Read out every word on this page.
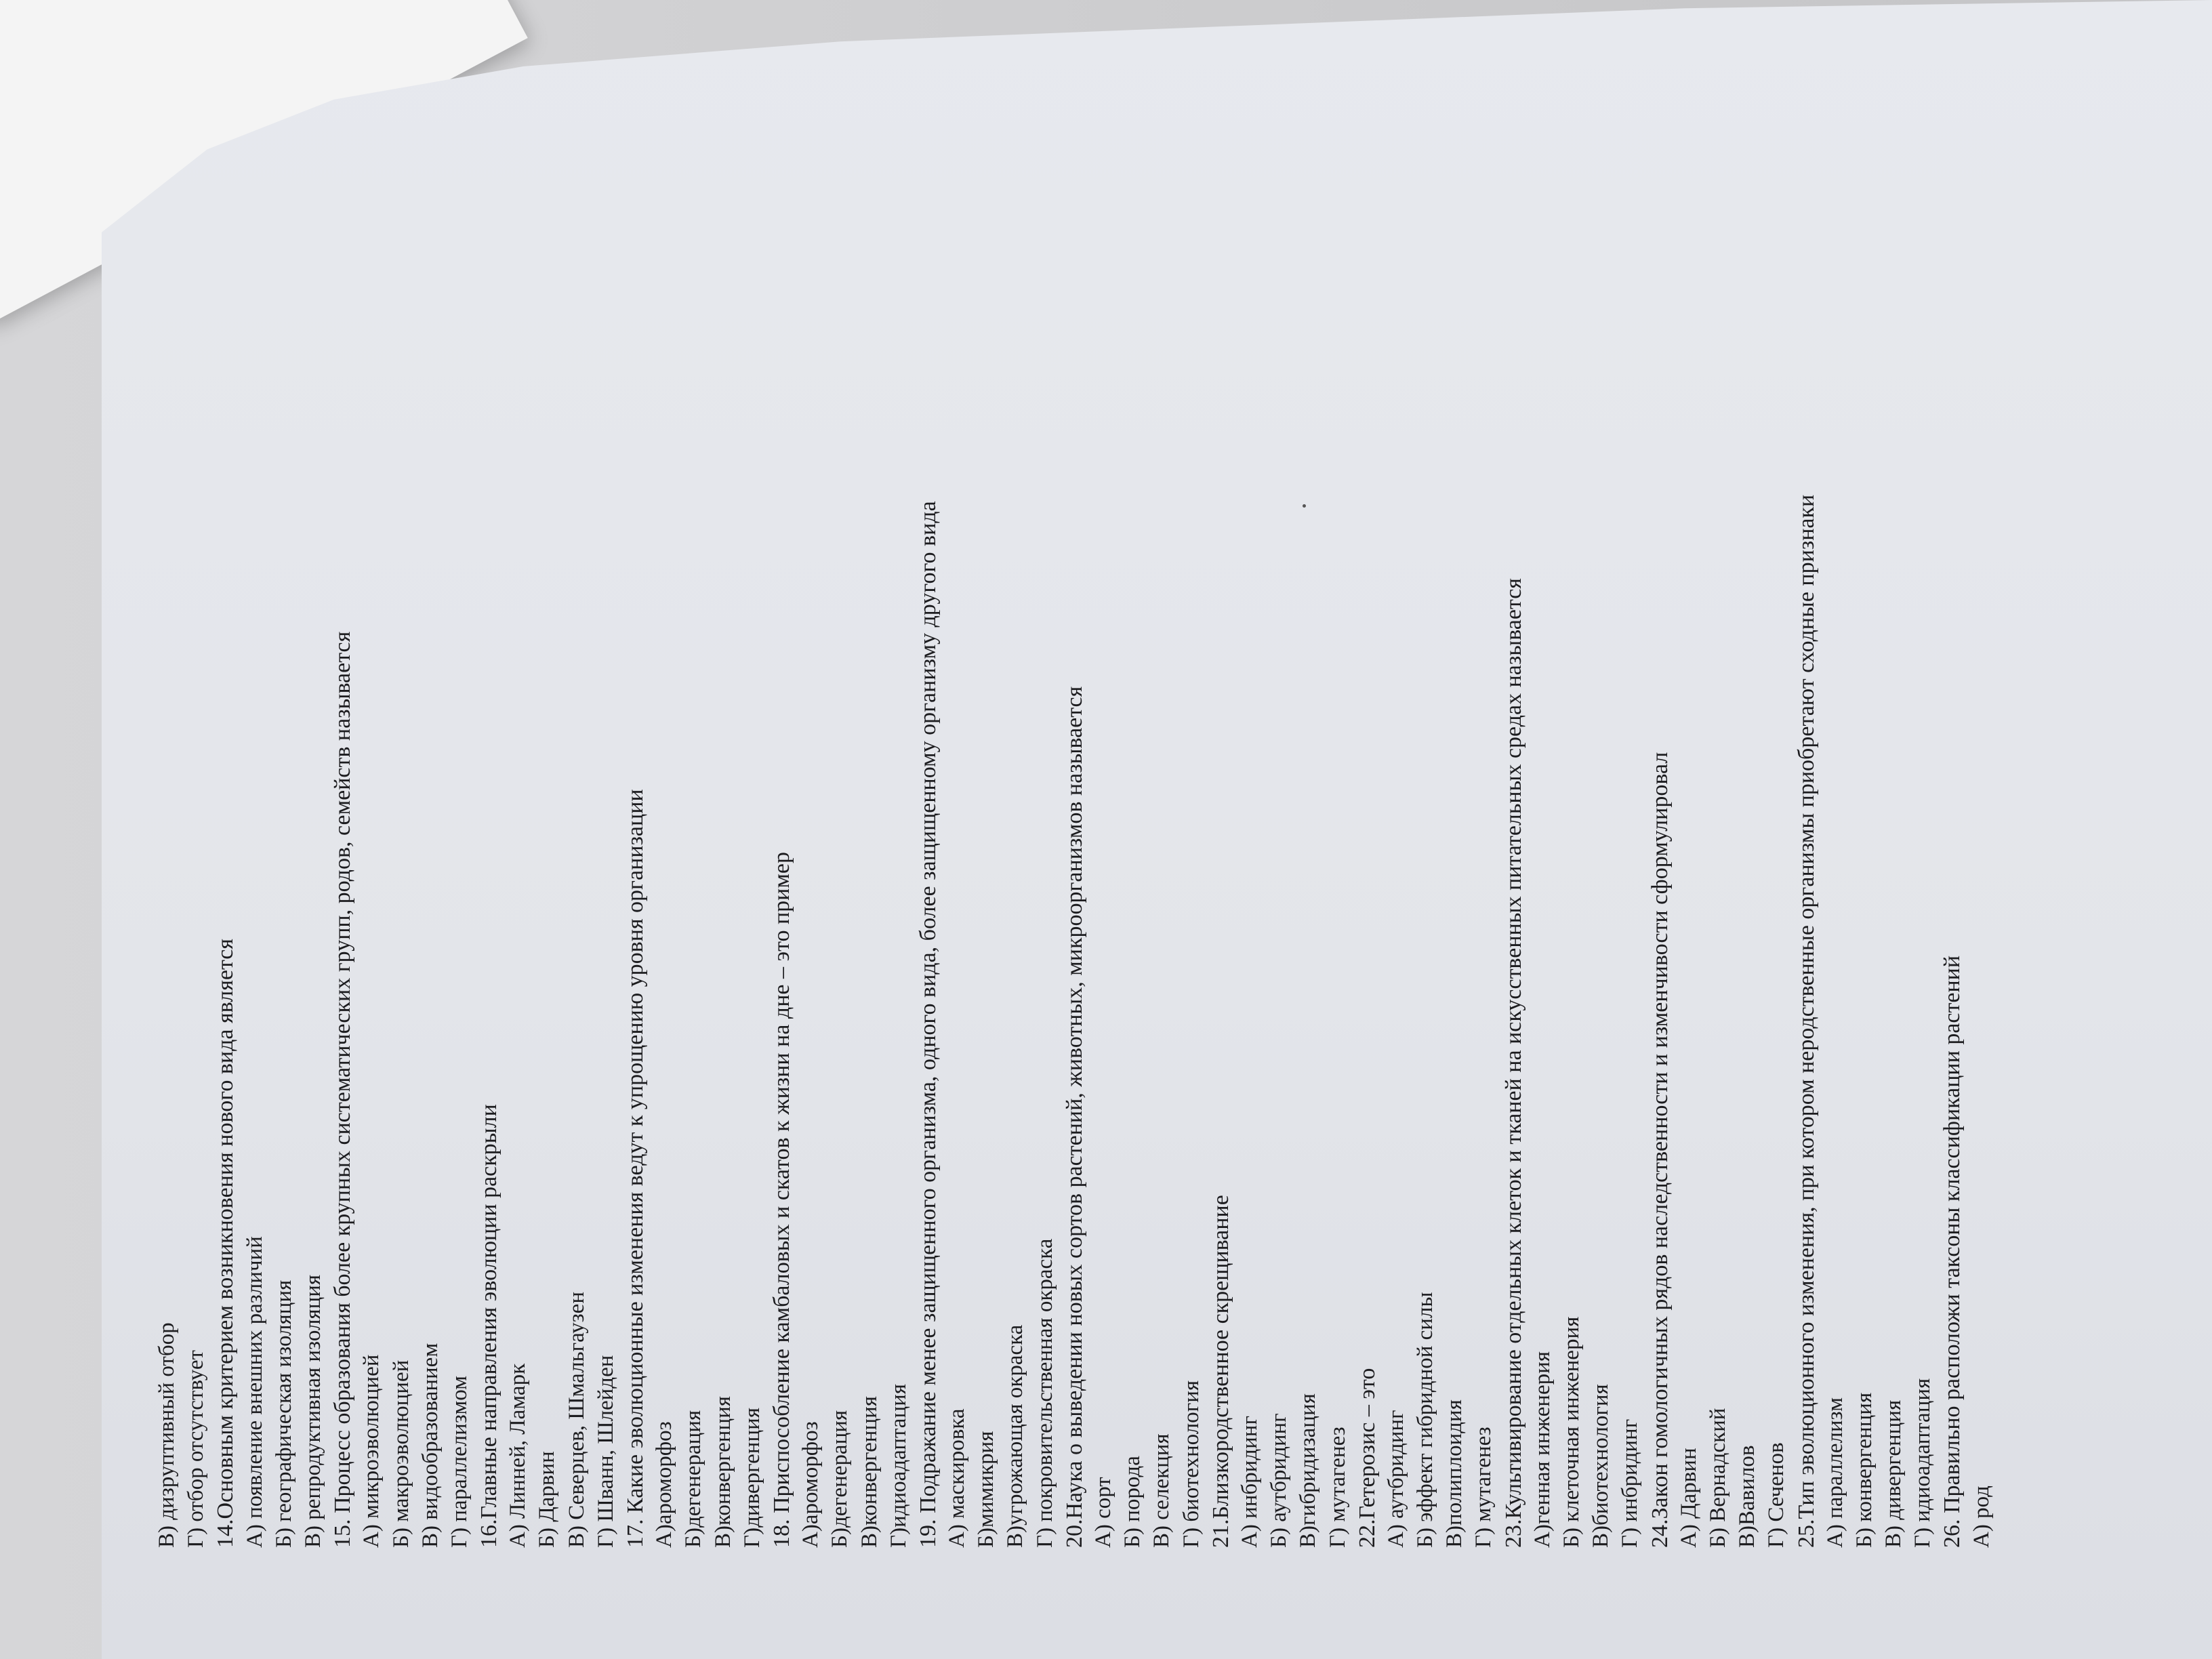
В) дизруптивный отбор Г) отбор отсутствует 14.Основным критерием возникновения нового вида является А) появление внешних различий Б) географическая изоляция В) репродуктивная изоляция 15. Процесс образования более крупных систематических групп, родов, семейств называется А) микроэволюцией Б) макроэволюцией В) видообразованием Г) параллелизмом 16.Главные направления эволюции раскрыли А) Линней, Ламарк Б) Дарвин В) Северцев, Шмальгаузен Г) Шванн, Шлейден 17. Какие эволюционные изменения ведут к упрощению уровня организации А)ароморфоз Б)дегенерация В)конвергенция Г)дивергенция 18. Приспособление камбаловых и скатов к жизни на дне – это пример А)ароморфоз Б)дегенерация В)конвергенция Г)идиоадаптация 19. Подражание менее защищенного организма, одного вида, более защищенному организму другого вида А) маскировка Б)мимикрия В)угрожающая окраска Г) покровительственная окраска 20.Наука о выведении новых сортов растений, животных, микроорганизмов называется А) сорт Б) порода В) селекция Г) биотехнология 21.Близкородственное скрещивание А) инбридинг Б) аутбридинг В)гибридизация Г) мутагенез 22.Гетерозис – это А) аутбридинг Б) эффект гибридной силы В)полиплоидия Г) мутагенез 23.Культивирование отдельных клеток и тканей на искусственных питательных средах называется А)генная инженерия Б) клеточная инженерия В)биотехнология Г) инбридинг 24.Закон гомологичных рядов наследственности и изменчивости сформулировал А) Дарвин Б) Вернадский В)Вавилов Г) Сеченов 25.Тип эволюционного изменения, при котором неродственные организмы приобретают сходные признаки А) параллелизм Б) конвергенция В) дивергенция Г) идиоадаптация 26. Правильно расположи таксоны классификации растений А) род
